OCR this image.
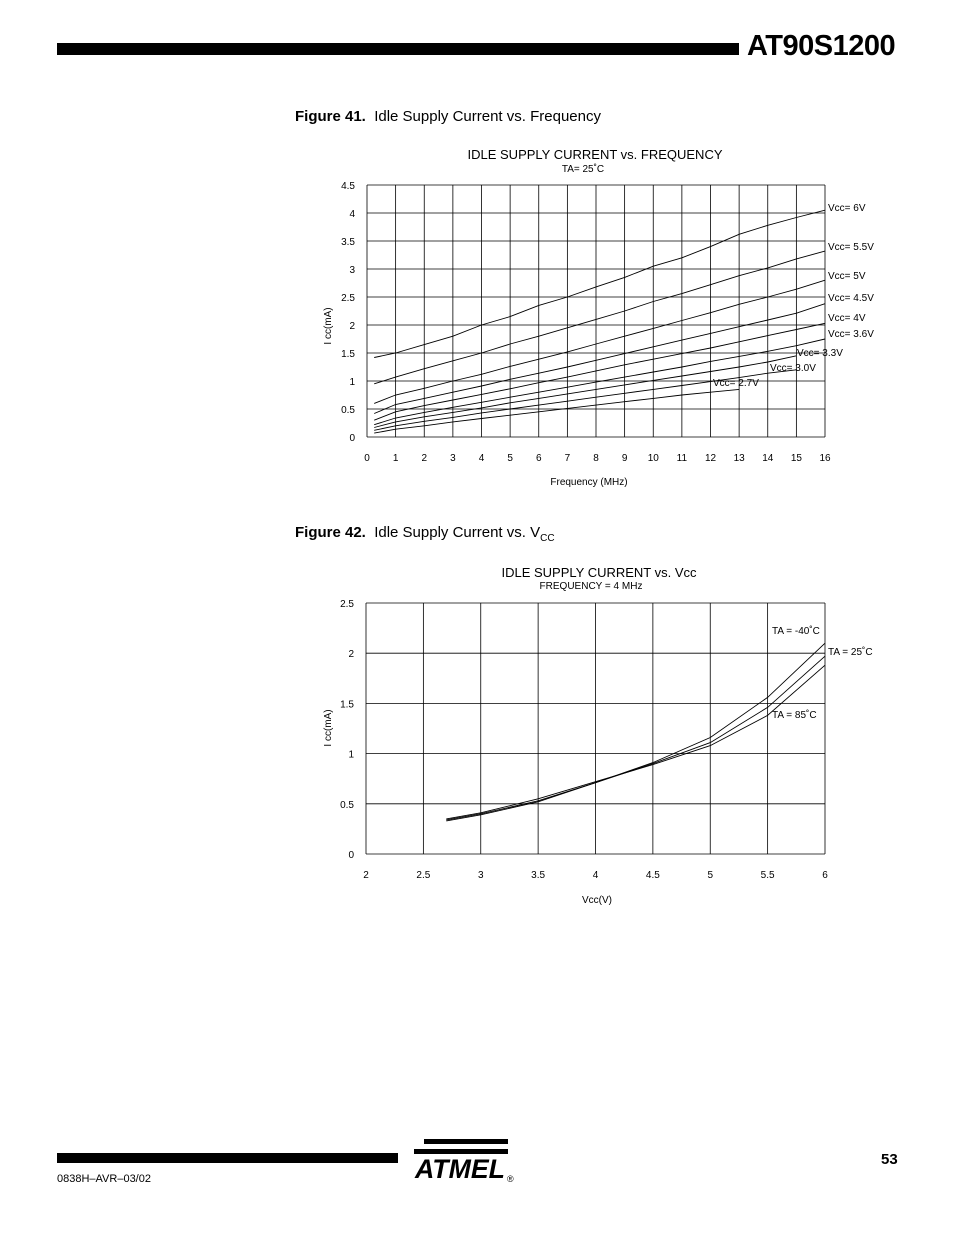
AT90S1200
Figure 41. Idle Supply Current vs. Frequency
IDLE SUPPLY CURRENT vs. FREQUENCY
TA= 25˚C
0
0.5
1
1.5
2
2.5
3
3.5
4
4.5
0 1 2 3 4 5 6 7 8 9 10 11 12 13 14 15 16
Vcc= 6V
Vcc= 5.5V
Vcc= 5V
Vcc= 4.5V
Vcc= 4V
Vcc= 3.6V
Vcc= 3.3V
Vcc= 3.0V
Vcc= 2.7V
Frequency (MHz)
I cc(mA)
Figure 42. Idle Supply Current vs. $V_{CC}$
IDLE SUPPLY CURRENT vs. Vcc
FREQUENCY = 4 MHz
0
0.5
1
1.5
2
2.5
2	2.5	3	3.5	4	4.5	5	5.5	6
TA = -40˚C
TA = 25˚C
TA = 85˚C
Vcc(V)
I cc(mA)
ATMEL ®
53
0838H–AVR–03/02
